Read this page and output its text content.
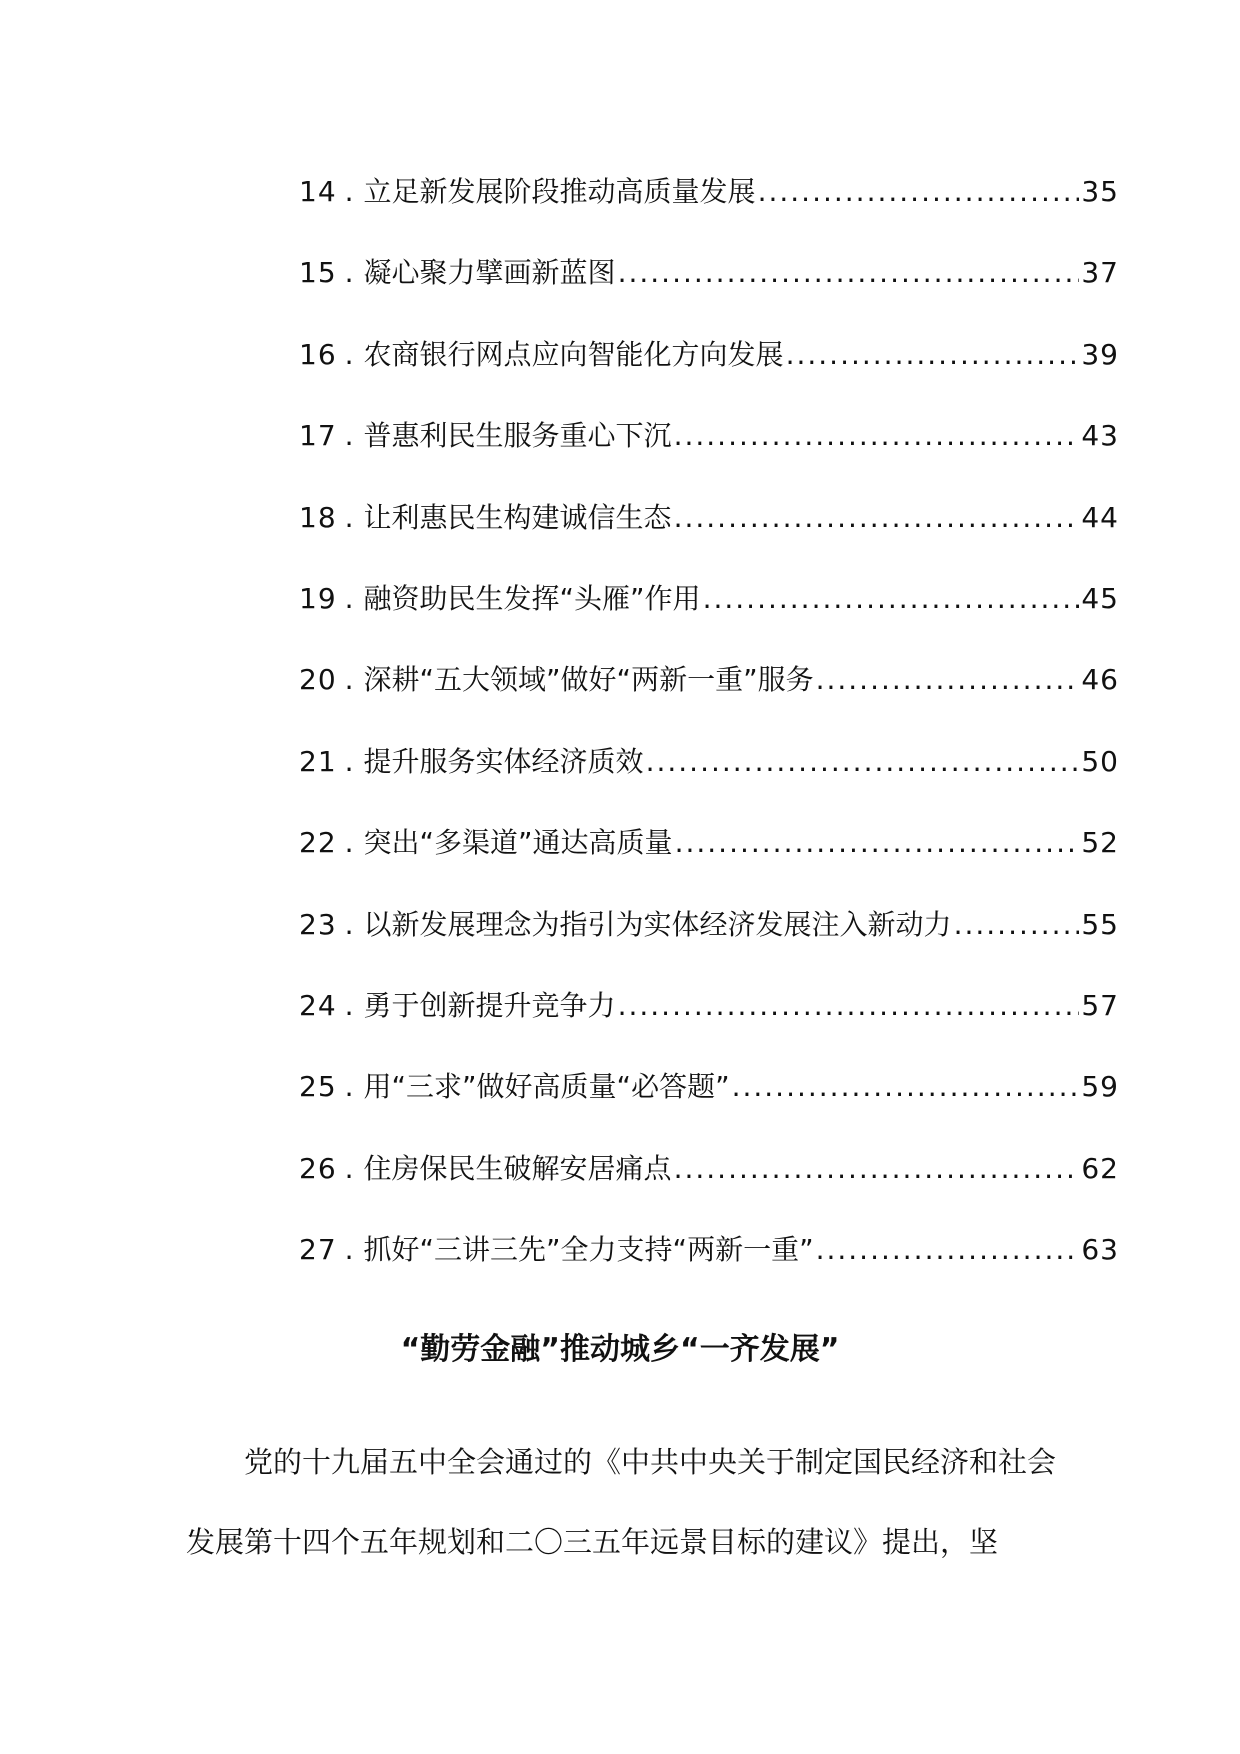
14 . 立足新发展阶段推动高质量发展 .....	35
15 . 凝心聚力擘画新蓝图 .....	37
16 . 农商银行网点应向智能化方向发展 .....	39
17 . 普惠利民生服务重心下沉 .....	43
18 . 让利惠民生构建诚信生态 .....	44
19 . 融资助民生发挥“头雁”作用 .....	45
20 . 深耕“五大领域”做好“两新一重”服务 .....	46
21 . 提升服务实体经济质效 .....	50
22 . 突出“多渠道”通达高质量 .....	52
23 . 以新发展理念为指引为实体经济发展注入新动力 .....	55
24 . 勇于创新提升竞争力 .....	57
25 . 用“三求”做好高质量“必答题” .....	59
26 . 住房保民生破解安居痛点 .....	62
27 . 抓好“三讲三先”全力支持“两新一重” .....	63
“勤劳金融”推动城乡“一齐发展”

党的十九届五中全会通过的《中共中央关于制定国民经济和社会发展第十四个五年规划和二〇三五年远景目标的建议》提出，坚
